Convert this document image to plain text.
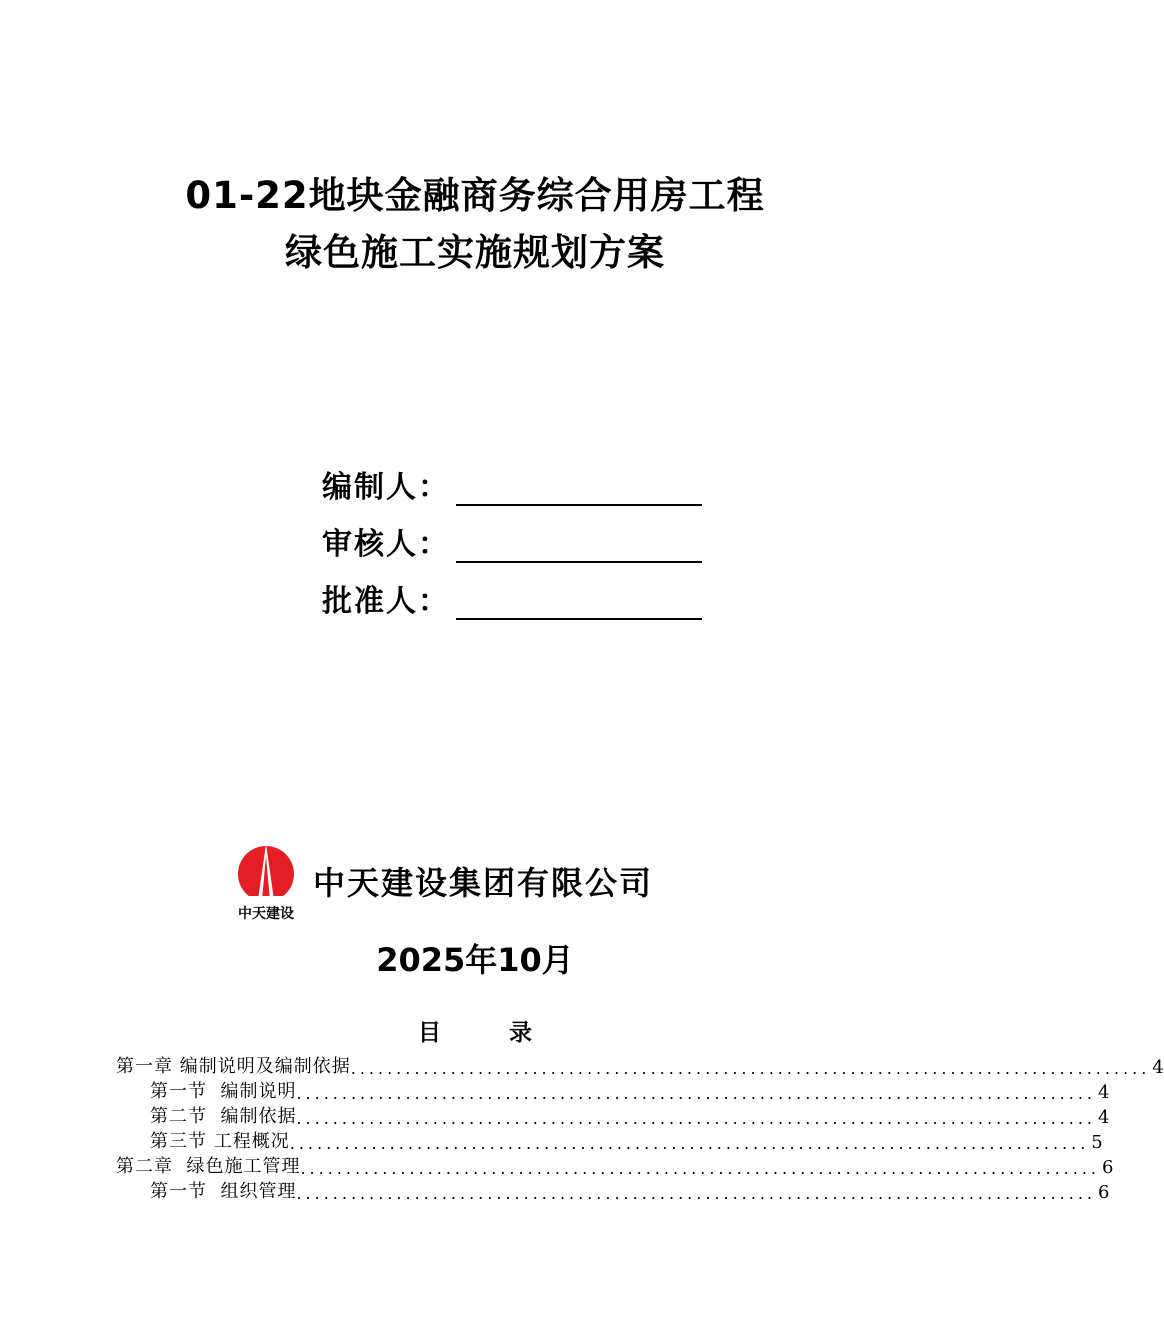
01-22地块金融商务综合用房工程
绿色施工实施规划方案
编制人：
审核人：
批准人：
中天建设
中天建设集团有限公司
2025年10月
目 录
第一章 编制说明及编制依据 ........................................................................................ 4
第一节  编制说明 ........................................................................................ 4
第二节  编制依据 ........................................................................................ 4
第三节 工程概况 ........................................................................................ 5
第二章  绿色施工管理 ........................................................................................ 6
第一节  组织管理 ........................................................................................ 6
